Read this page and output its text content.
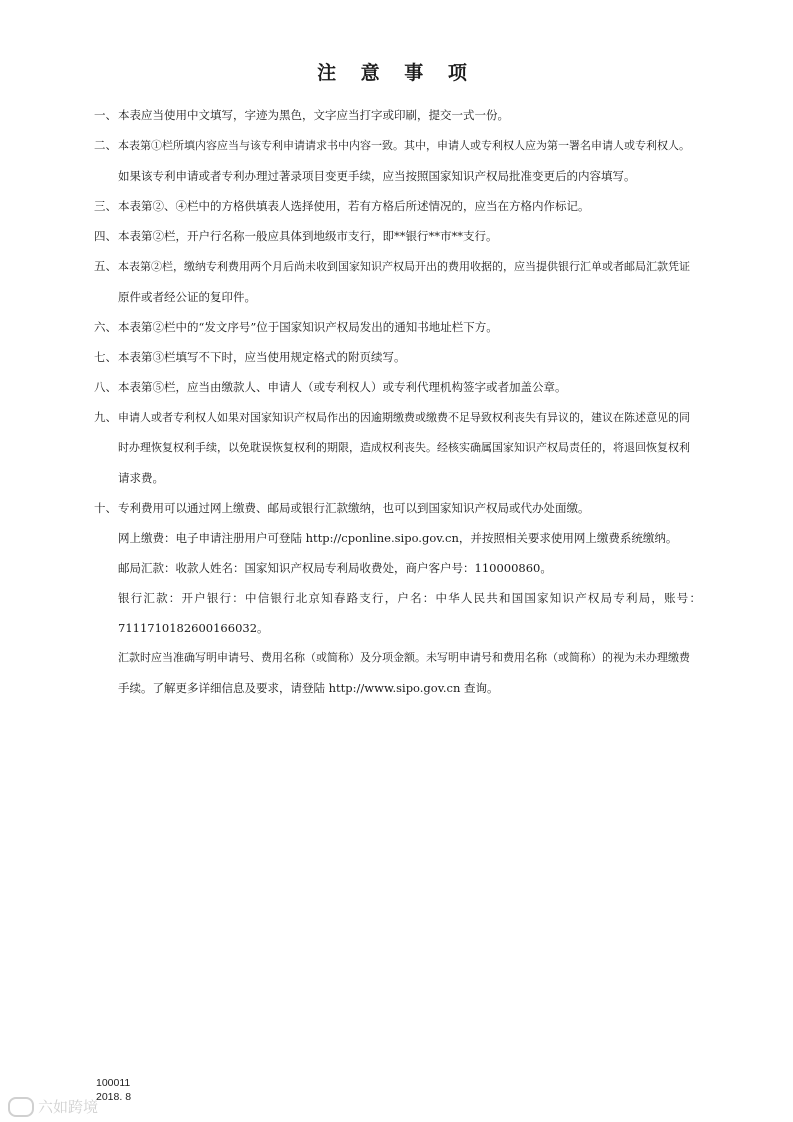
注 意 事 项
一、本表应当使用中文填写，字迹为黑色，文字应当打字或印刷，提交一式一份。
二、本表第①栏所填内容应当与该专利申请请求书中内容一致。其中，申请人或专利权人应为第一署名申请人或专利权人。
如果该专利申请或者专利办理过著录项目变更手续，应当按照国家知识产权局批准变更后的内容填写。
三、本表第②、④栏中的方格供填表人选择使用，若有方格后所述情况的，应当在方格内作标记。
四、本表第②栏，开户行名称一般应具体到地级市支行，即**银行**市**支行。
五、本表第②栏，缴纳专利费用两个月后尚未收到国家知识产权局开出的费用收据的，应当提供银行汇单或者邮局汇款凭证
原件或者经公证的复印件。
六、本表第②栏中的“发文序号”位于国家知识产权局发出的通知书地址栏下方。
七、本表第③栏填写不下时，应当使用规定格式的附页续写。
八、本表第⑤栏，应当由缴款人、申请人（或专利权人）或专利代理机构签字或者加盖公章。
九、申请人或者专利权人如果对国家知识产权局作出的因逾期缴费或缴费不足导致权利丧失有异议的，建议在陈述意见的同
时办理恢复权利手续，以免耽误恢复权利的期限，造成权利丧失。经核实确属国家知识产权局责任的，将退回恢复权利
请求费。
十、专利费用可以通过网上缴费、邮局或银行汇款缴纳，也可以到国家知识产权局或代办处面缴。
网上缴费：电子申请注册用户可登陆 http://cponline.sipo.gov.cn，并按照相关要求使用网上缴费系统缴纳。
邮局汇款：收款人姓名：国家知识产权局专利局收费处，商户客户号：110000860。
银行汇款：开户银行：中信银行北京知春路支行，户名：中华人民共和国国家知识产权局专利局，账号：
7111710182600166032。
汇款时应当准确写明申请号、费用名称（或简称）及分项金额。未写明申请号和费用名称（或简称）的视为未办理缴费
手续。了解更多详细信息及要求，请登陆 http://www.sipo.gov.cn 查询。
100011
2018. 8
六如跨境
